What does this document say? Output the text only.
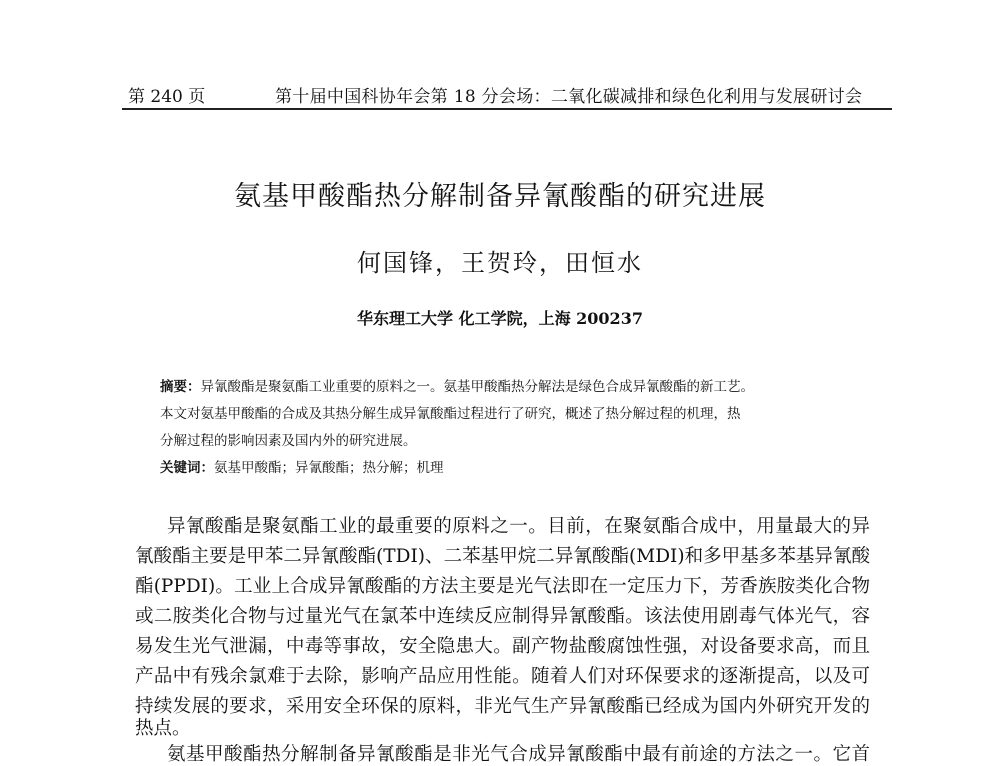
第 240 页	第十届中国科协年会第 18 分会场：二氧化碳减排和绿色化利用与发展研讨会
氨基甲酸酯热分解制备异氰酸酯的研究进展
何国锋，王贺玲，田恒水
华东理工大学 化工学院，上海 200237
摘要：异氰酸酯是聚氨酯工业重要的原料之一。氨基甲酸酯热分解法是绿色合成异氰酸酯的新工艺。
本文对氨基甲酸酯的合成及其热分解生成异氰酸酯过程进行了研究，概述了热分解过程的机理，热
分解过程的影响因素及国内外的研究进展。
关键词：氨基甲酸酯；异氰酸酯；热分解；机理
异氰酸酯是聚氨酯工业的最重要的原料之一。目前，在聚氨酯合成中，用量最大的异
氰酸酯主要是甲苯二异氰酸酯(TDI)、二苯基甲烷二异氰酸酯(MDI)和多甲基多苯基异氰酸
酯(PPDI)。工业上合成异氰酸酯的方法主要是光气法即在一定压力下，芳香族胺类化合物
或二胺类化合物与过量光气在氯苯中连续反应制得异氰酸酯。该法使用剧毒气体光气，容
易发生光气泄漏，中毒等事故，安全隐患大。副产物盐酸腐蚀性强，对设备要求高，而且
产品中有残余氯难于去除，影响产品应用性能。随着人们对环保要求的逐渐提高，以及可
持续发展的要求，采用安全环保的原料，非光气生产异氰酸酯已经成为国内外研究开发的
热点。
氨基甲酸酯热分解制备异氰酸酯是非光气合成异氰酸酯中最有前途的方法之一。它首
